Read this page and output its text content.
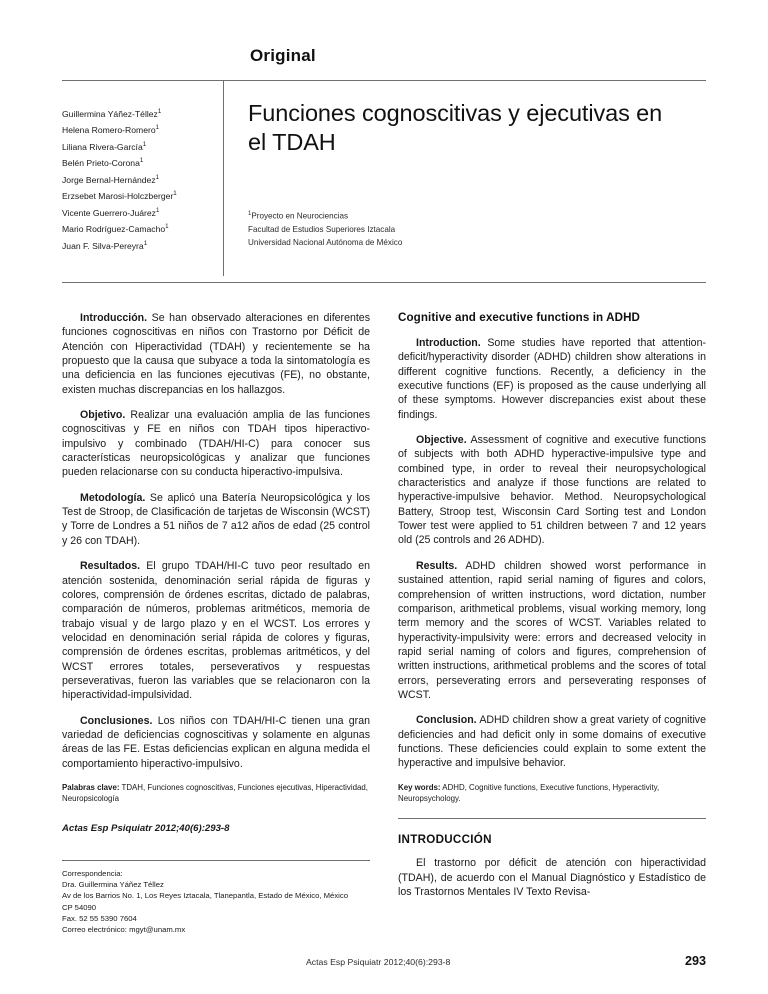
Original
Guillermina Yáñez-Téllez$^1$
Helena Romero-Romero$^1$
Liliana Rivera-García$^1$
Belén Prieto-Corona$^1$
Jorge Bernal-Hernández$^1$
Erzsebet Marosi-Holczberger$^1$
Vicente Guerrero-Juárez$^1$
Mario Rodríguez-Camacho$^1$
Juan F. Silva-Pereyra$^1$
Funciones cognoscitivas y ejecutivas en el TDAH
$^1$Proyecto en Neurociencias
Facultad de Estudios Superiores Iztacala
Universidad Nacional Autónoma de México

Introducción. Se han observado alteraciones en diferentes funciones cognoscitivas en niños con Trastorno por Déficit de Atención con Hiperactividad (TDAH) y recientemente se ha propuesto que la causa que subyace a toda la sintomatología es una deficiencia en las funciones ejecutivas (FE), no obstante, existen muchas discrepancias en los hallazgos.

Objetivo. Realizar una evaluación amplia de las funciones cognoscitivas y FE en niños con TDAH tipos hiperactivo-impulsivo y combinado (TDAH/HI-C) para conocer sus características neuropsicológicas y analizar que funciones pueden relacionarse con su conducta hiperactivo-impulsiva.

Metodología. Se aplicó una Batería Neuropsicológica y los Test de Stroop, de Clasificación de tarjetas de Wisconsin (WCST) y Torre de Londres a 51 niños de 7 a12 años de edad (25 control y 26 con TDAH).

Resultados. El grupo TDAH/HI-C tuvo peor resultado en atención sostenida, denominación serial rápida de figuras y colores, comprensión de órdenes escritas, dictado de palabras, comparación de números, problemas aritméticos, memoria de trabajo visual y de largo plazo y en el WCST. Los errores y velocidad en denominación serial rápida de colores y figuras, comprensión de órdenes escritas, problemas aritméticos, y del WCST errores totales, perseverativos y respuestas perseverativas, fueron las variables que se relacionaron con la hiperactividad-impulsividad.

Conclusiones. Los niños con TDAH/HI-C tienen una gran variedad de deficiencias cognoscitivas y solamente en algunas áreas de las FE. Estas deficiencias explican en alguna medida el comportamiento hiperactivo-impulsivo.

Palabras clave: TDAH, Funciones cognoscitivas, Funciones ejecutivas, Hiperactividad, Neuropsicología

Actas Esp Psiquiatr 2012;40(6):293-8
Correspondencia:
Dra. Guillermina Yáñez Téllez
Av de los Barrios No. 1, Los Reyes Iztacala, Tlanepantla, Estado de México, México
CP 54090
Fax. 52 55 5390 7604
Correo electrónico: mgyt@unam.mx
Cognitive and executive functions in ADHD

Introduction. Some studies have reported that attention-deficit/hyperactivity disorder (ADHD) children show alterations in different cognitive functions. Recently, a deficiency in the executive functions (EF) is proposed as the cause underlying all of these symptoms. However discrepancies exist about these findings.

Objective. Assessment of cognitive and executive functions of subjects with both ADHD hyperactive-impulsive type and combined type, in order to reveal their neuropsychological characteristics and analyze if those functions are related to hyperactive-impulsive behavior. Method. Neuropsychological Battery, Stroop test, Wisconsin Card Sorting test and London Tower test were applied to 51 children between 7 and 12 years old (25 controls and 26 ADHD).

Results. ADHD children showed worst performance in sustained attention, rapid serial naming of figures and colors, comprehension of written instructions, word dictation, number comparison, arithmetical problems, visual working memory, long term memory and the scores of WCST. Variables related to hyperactivity-impulsivity were: errors and decreased velocity in rapid serial naming of colors and figures, comprehension of written instructions, arithmetical problems and the scores of total errors, perseverating errors and perseverating responses of WCST.

Conclusion. ADHD children show a great variety of cognitive deficiencies and had deficit only in some domains of executive functions. These deficiencies could explain to some extent the hyperactive and impulsive behavior.

Key words: ADHD, Cognitive functions, Executive functions, Hyperactivity, Neuropsychology.

INTRODUCCIÓN

El trastorno por déficit de atención con hiperactividad (TDAH), de acuerdo con el Manual Diagnóstico y Estadístico de los Trastornos Mentales IV Texto Revisa-

Actas Esp Psiquiatr 2012;40(6):293-8	293
